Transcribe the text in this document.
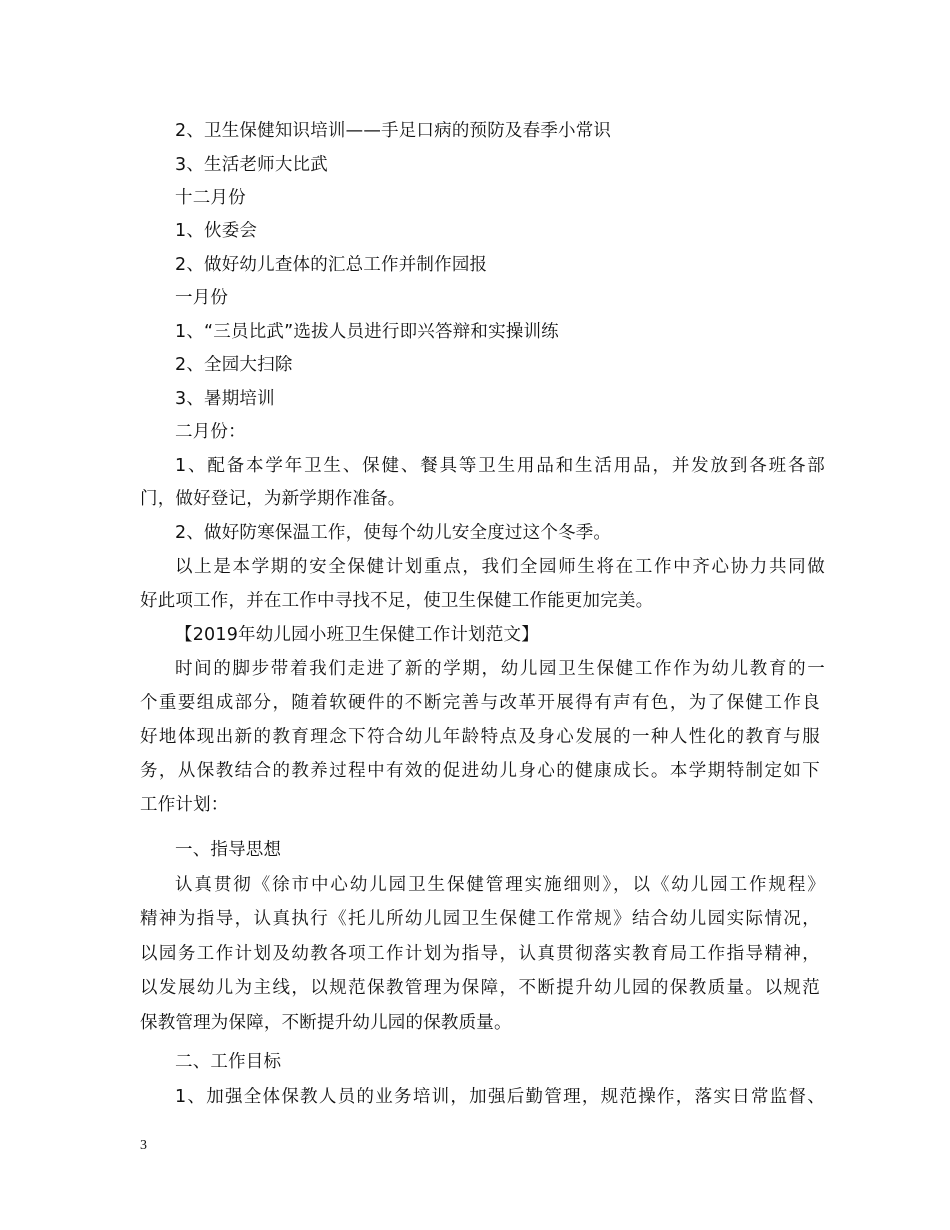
2、卫生保健知识培训——手足口病的预防及春季小常识
3、生活老师大比武
十二月份
1、伙委会
2、做好幼儿查体的汇总工作并制作园报
一月份
1、“三员比武”选拔人员进行即兴答辩和实操训练
2、全园大扫除
3、暑期培训
二月份：
1、配备本学年卫生、保健、餐具等卫生用品和生活用品，并发放到各班各部
门，做好登记，为新学期作准备。
2、做好防寒保温工作，使每个幼儿安全度过这个冬季。
以上是本学期的安全保健计划重点，我们全园师生将在工作中齐心协力共同做
好此项工作，并在工作中寻找不足，使卫生保健工作能更加完美。
【2019年幼儿园小班卫生保健工作计划范文】
时间的脚步带着我们走进了新的学期，幼儿园卫生保健工作作为幼儿教育的一
个重要组成部分，随着软硬件的不断完善与改革开展得有声有色，为了保健工作良
好地体现出新的教育理念下符合幼儿年龄特点及身心发展的一种人性化的教育与服
务，从保教结合的教养过程中有效的促进幼儿身心的健康成长。本学期特制定如下
工作计划：
一、指导思想
认真贯彻《徐市中心幼儿园卫生保健管理实施细则》，以《幼儿园工作规程》
精神为指导，认真执行《托儿所幼儿园卫生保健工作常规》结合幼儿园实际情况，
以园务工作计划及幼教各项工作计划为指导，认真贯彻落实教育局工作指导精神，
以发展幼儿为主线，以规范保教管理为保障，不断提升幼儿园的保教质量。以规范
保教管理为保障，不断提升幼儿园的保教质量。
二、工作目标
1、加强全体保教人员的业务培训，加强后勤管理，规范操作，落实日常监督、
3
